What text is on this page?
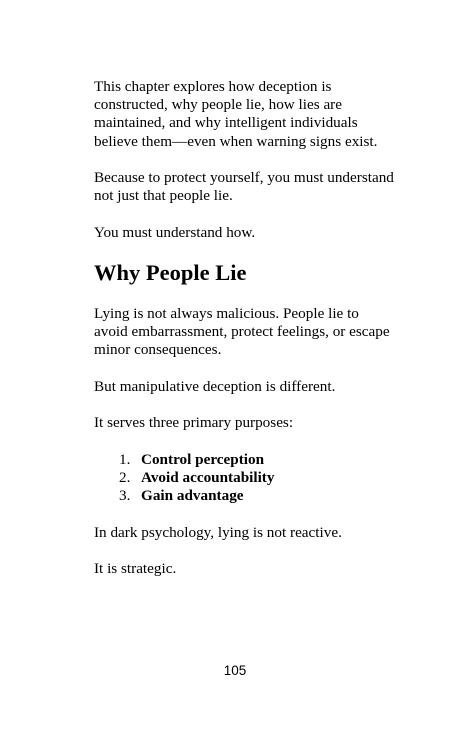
This chapter explores how deception is constructed, why people lie, how lies are maintained, and why intelligent individuals believe them—even when warning signs exist.

Because to protect yourself, you must understand not just that people lie.

You must understand how.

Why People Lie

Lying is not always malicious. People lie to avoid embarrassment, protect feelings, or escape minor consequences.

But manipulative deception is different.

It serves three primary purposes:

1. Control perception
2. Avoid accountability
3. Gain advantage

In dark psychology, lying is not reactive.

It is strategic.

105
